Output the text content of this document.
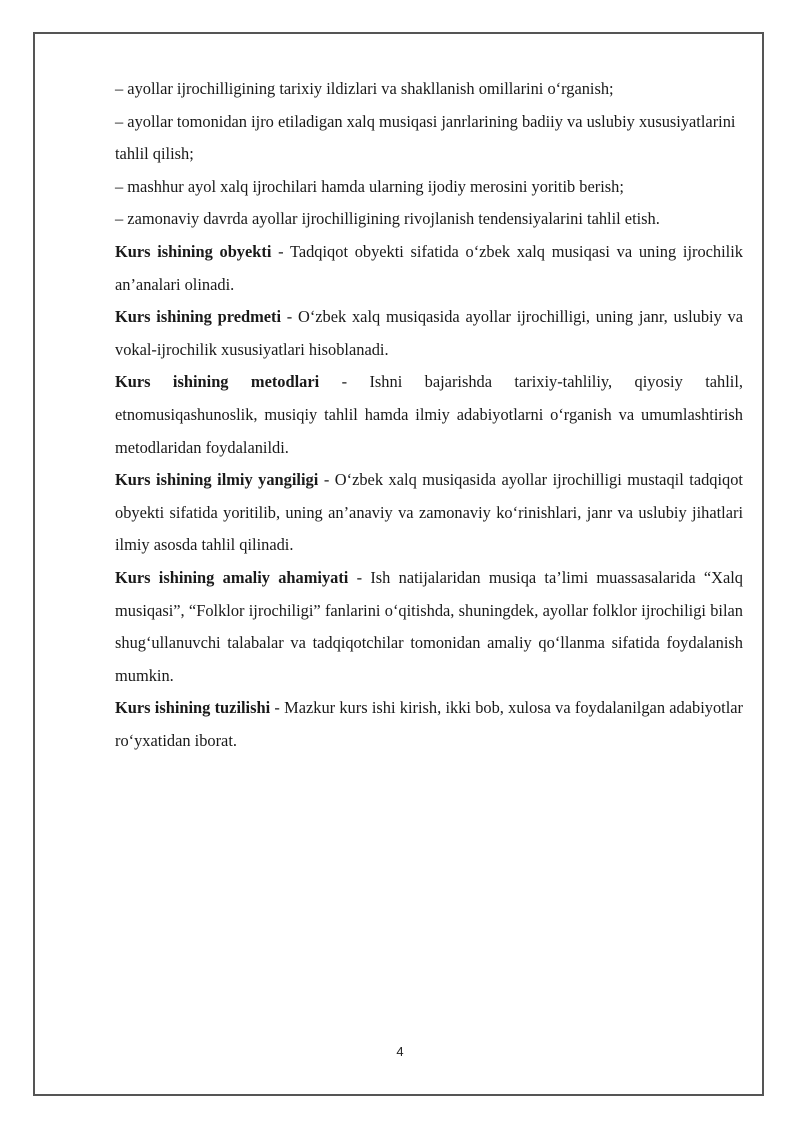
– ayollar ijrochilligining tarixiy ildizlari va shakllanish omillarini o‘rganish;

– ayollar tomonidan ijro etiladigan xalq musiqasi janrlarining badiiy va uslubiy xususiyatlarini tahlil qilish;

– mashhur ayol xalq ijrochilari hamda ularning ijodiy merosini yoritib berish;

– zamonaviy davrda ayollar ijrochilligining rivojlanish tendensiyalarini tahlil etish.

Kurs ishining obyekti - Tadqiqot obyekti sifatida o‘zbek xalq musiqasi va uning ijrochilik an’analari olinadi.

Kurs ishining predmeti - O‘zbek xalq musiqasida ayollar ijrochilligi, uning janr, uslubiy va vokal-ijrochilik xususiyatlari hisoblanadi.

Kurs ishining metodlari - Ishni bajarishda tarixiy-tahliliy, qiyosiy tahlil, etnomusiqashunoslik, musiqiy tahlil hamda ilmiy adabiyotlarni o‘rganish va umumlashtirish metodlaridan foydalanildi.

Kurs ishining ilmiy yangiligi - O‘zbek xalq musiqasida ayollar ijrochilligi mustaqil tadqiqot obyekti sifatida yoritilib, uning an’anaviy va zamonaviy ko‘rinishlari, janr va uslubiy jihatlari ilmiy asosda tahlil qilinadi.

Kurs ishining amaliy ahamiyati - Ish natijalaridan musiqa ta’limi muassasalarida “Xalq musiqasi”, “Folklor ijrochiligi” fanlarini o‘qitishda, shuningdek, ayollar folklor ijrochiligi bilan shug‘ullanuvchi talabalar va tadqiqotchilar tomonidan amaliy qo‘llanma sifatida foydalanish mumkin.

Kurs ishining tuzilishi - Mazkur kurs ishi kirish, ikki bob, xulosa va foydalanilgan adabiyotlar ro‘yxatidan iborat.

4
